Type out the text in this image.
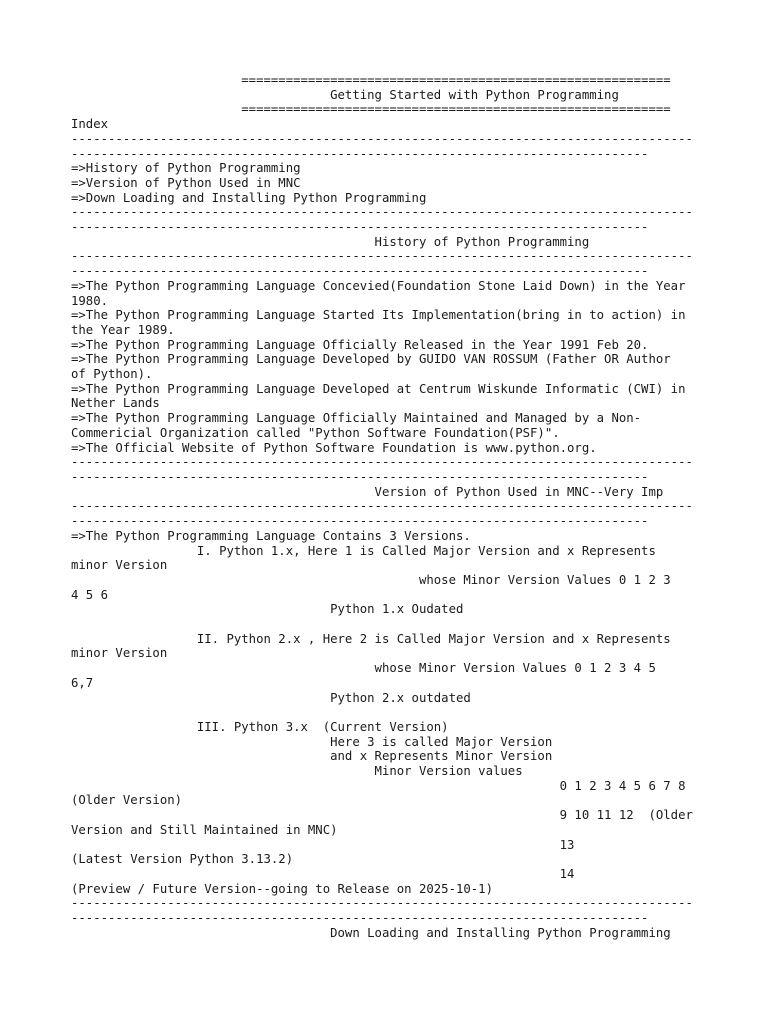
==========================================================
Getting Started with Python Programming
==========================================================
Index
------------------------------------------------------------------------------------
------------------------------------------------------------------------------
=>History of Python Programming
=>Version of Python Used in MNC
=>Down Loading and Installing Python Programming
------------------------------------------------------------------------------------
------------------------------------------------------------------------------
History of Python Programming
------------------------------------------------------------------------------------
------------------------------------------------------------------------------
=>The Python Programming Language Concevied(Foundation Stone Laid Down) in the Year
1980.
=>The Python Programming Language Started Its Implementation(bring in to action) in
the Year 1989.
=>The Python Programming Language Officially Released in the Year 1991 Feb 20.
=>The Python Programming Language Developed by GUIDO VAN ROSSUM (Father OR Author
of Python).
=>The Python Programming Language Developed at Centrum Wiskunde Informatic (CWI) in
Nether Lands
=>The Python Programming Language Officially Maintained and Managed by a Non-
Commericial Organization called "Python Software Foundation(PSF)".
=>The Official Website of Python Software Foundation is www.python.org.
------------------------------------------------------------------------------------
------------------------------------------------------------------------------
Version of Python Used in MNC--Very Imp
------------------------------------------------------------------------------------
------------------------------------------------------------------------------
=>The Python Programming Language Contains 3 Versions.
I. Python 1.x, Here 1 is Called Major Version and x Represents
minor Version
whose Minor Version Values 0 1 2 3
4 5 6
Python 1.x Oudated

II. Python 2.x , Here 2 is Called Major Version and x Represents
minor Version
whose Minor Version Values 0 1 2 3 4 5
6,7
Python 2.x outdated

III. Python 3.x  (Current Version)
Here 3 is called Major Version
and x Represents Minor Version
Minor Version values
0 1 2 3 4 5 6 7 8
(Older Version)
9 10 11 12  (Older
Version and Still Maintained in MNC)
13
(Latest Version Python 3.13.2)
14
(Preview / Future Version--going to Release on 2025-10-1)
------------------------------------------------------------------------------------
------------------------------------------------------------------------------
Down Loading and Installing Python Programming
